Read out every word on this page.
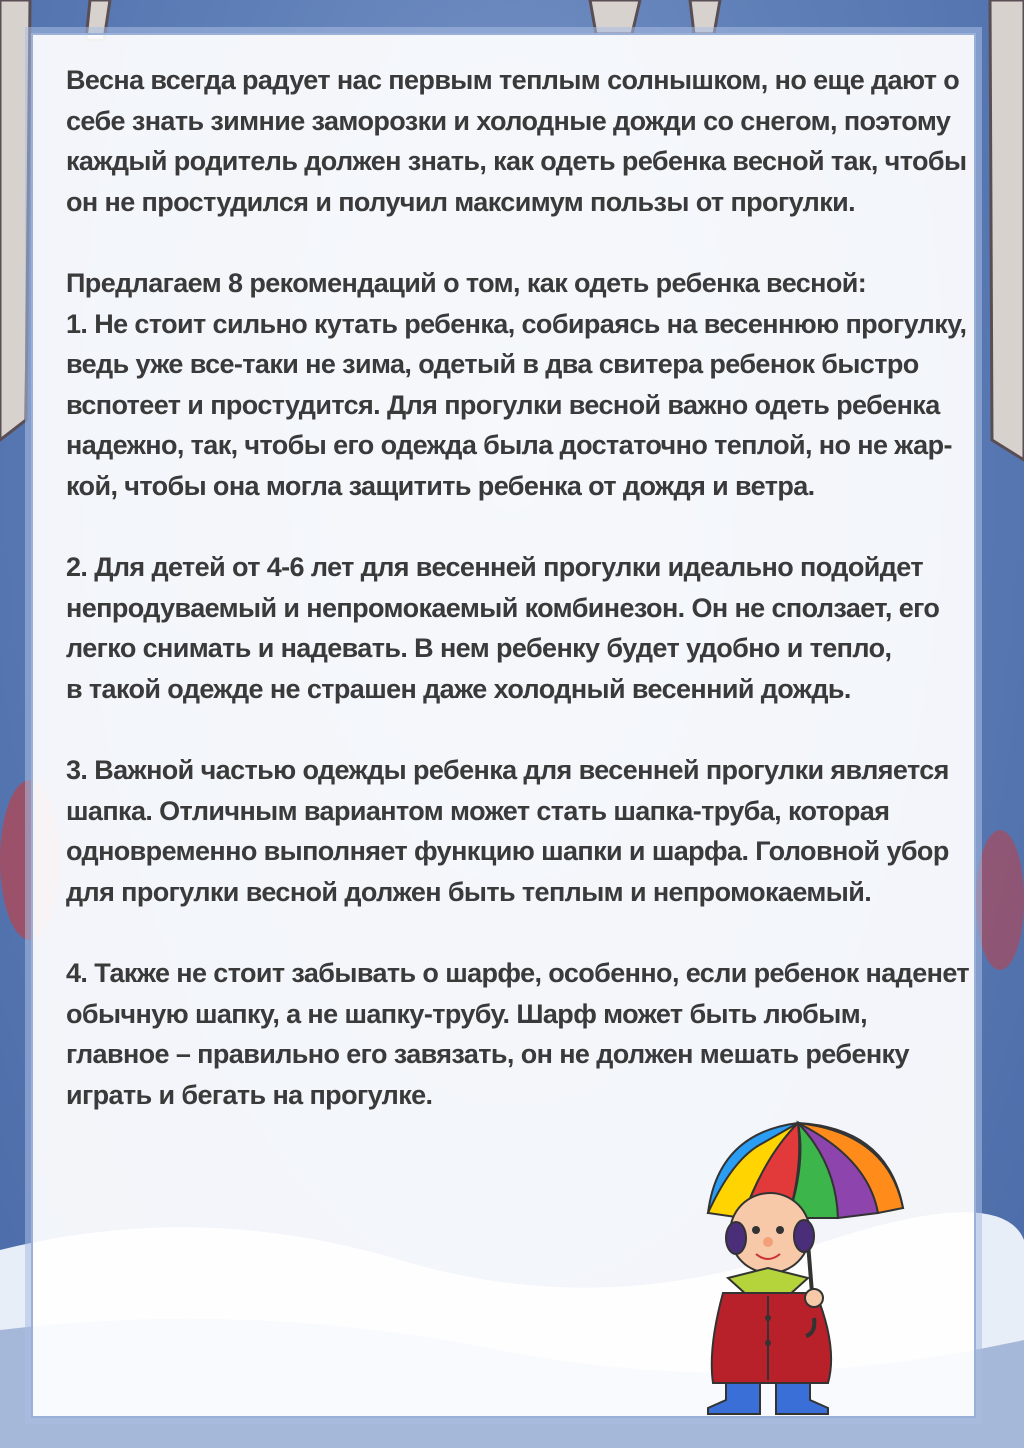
Весна всегда радует нас первым теплым солнышком, но еще дают о
себе знать зимние заморозки и холодные дожди со снегом, поэтому
каждый родитель должен знать, как одеть ребенка весной так, чтобы
он не простудился и получил максимум пользы от прогулки.

Предлагаем 8 рекомендаций о том, как одеть ребенка весной:
1. Не стоит сильно кутать ребенка, собираясь на весеннюю прогулку,
ведь уже все-таки не зима, одетый в два свитера ребенок быстро
вспотеет и простудится. Для прогулки весной важно одеть ребенка
надежно, так, чтобы его одежда была достаточно теплой, но не жар-
кой, чтобы она могла защитить ребенка от дождя и ветра.

2. Для детей от 4-6 лет для весенней прогулки идеально подойдет
непродуваемый и непромокаемый комбинезон. Он не сползает, его
легко снимать и надевать. В нем ребенку будет удобно и тепло,
в такой одежде не страшен даже холодный весенний дождь.

3. Важной частью одежды ребенка для весенней прогулки является
шапка. Отличным вариантом может стать шапка-труба, которая
одновременно выполняет функцию шапки и шарфа. Головной убор
для прогулки весной должен быть теплым и непромокаемый.

4. Также не стоит забывать о шарфе, особенно, если ребенок наденет
обычную шапку, а не шапку-трубу. Шарф может быть любым,
главное – правильно его завязать, он не должен мешать ребенку
играть и бегать на прогулке.
